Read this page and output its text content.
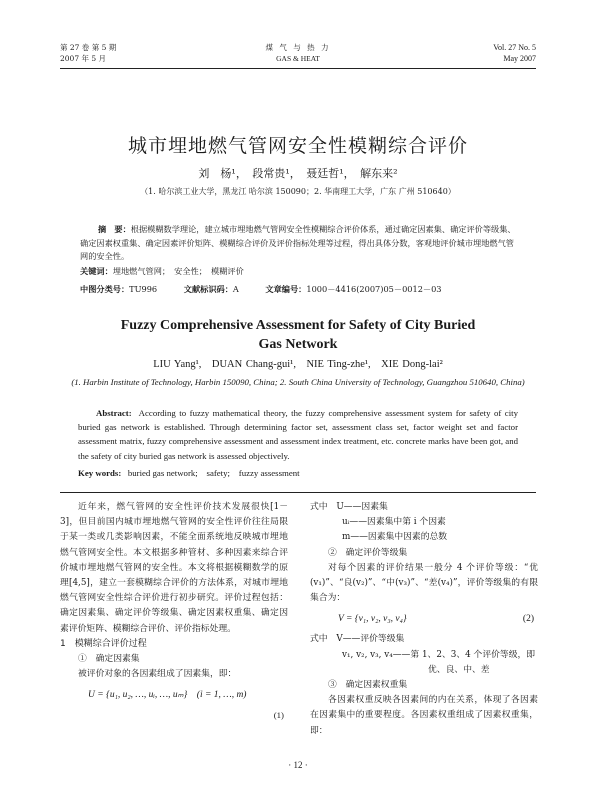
第 27 卷 第 5 期
2007 年 5 月
煤 气 与 热 力
GAS & HEAT
Vol. 27 No. 5
May 2007
城市埋地燃气管网安全性模糊综合评价
刘　杨¹，　段常贵¹，　聂廷哲¹，　解东来²
（1. 哈尔滨工业大学，黑龙江 哈尔滨 150090；2. 华南理工大学，广东 广州 510640）
摘　要：根据模糊数学理论，建立城市埋地燃气管网安全性模糊综合评价体系，通过确定因素集、确定评价等级集、确定因素权重集、确定因素评价矩阵、模糊综合评价及评价指标处理等过程，得出具体分数，客观地评价城市埋地燃气管网的安全性。
关键词：埋地燃气管网；　安全性；　模糊评价
中图分类号：TU996	文献标识码：A	文章编号：1000－4416(2007)05－0012－03
Fuzzy Comprehensive Assessment for Safety of City Buried
Gas Network
LIU Yang¹,　DUAN Chang-gui¹,　NIE Ting-zhe¹,　XIE Dong-lai²
(1. Harbin Institute of Technology, Harbin 150090, China; 2. South China University of Technology, Guangzhou 510640, China)
Abstract: According to fuzzy mathematical theory, the fuzzy comprehensive assessment system for safety of city buried gas network is established. Through determining factor set, assessment class set, factor weight set and factor assessment matrix, fuzzy comprehensive assessment and assessment index treatment, etc. concrete marks have been got, and the safety of city buried gas network is assessed objectively.
Key words: buried gas network;　safety;　fuzzy assessment
近年来，燃气管网的安全性评价技术发展很快[1－3]，但目前国内城市埋地燃气管网的安全性评价往往局限于某一类或几类影响因素，不能全面系统地反映城市埋地燃气管网安全性。本文根据多种管材、多种因素来综合评价城市埋地燃气管网的安全性。本文将根据模糊数学的原理[4,5]，建立一套模糊综合评价的方法体系，对城市埋地燃气管网安全性综合评价进行初步研究。评价过程包括：确定因素集、确定评价等级集、确定因素权重集、确定因素评价矩阵、模糊综合评价、评价指标处理。
1　模糊综合评价过程
①　确定因素集
被评价对象的各因素组成了因素集，即：
U = {u₁, u₂, …, uᵢ, …, uₘ}　(i = 1, …, m)
(1)
式中　U——因素集
uᵢ——因素集中第 i 个因素
m——因素集中因素的总数
②　确定评价等级集
对每个因素的评价结果一般分 4 个评价等级：“优(v₁)”、“良(v₂)”、“中(v₃)”、“差(v₄)”，评价等级集的有限集合为：
V = {v₁, v₂, v₃, v₄}	(2)
式中　V——评价等级集
v₁, v₂, v₃, v₄——第 1、2、3、4 个评价等级，即
优、良、中、差
③　确定因素权重集
各因素权重反映各因素间的内在关系，体现了各因素在因素集中的重要程度。各因素权重组成了因素权重集，即：
· 12 ·
